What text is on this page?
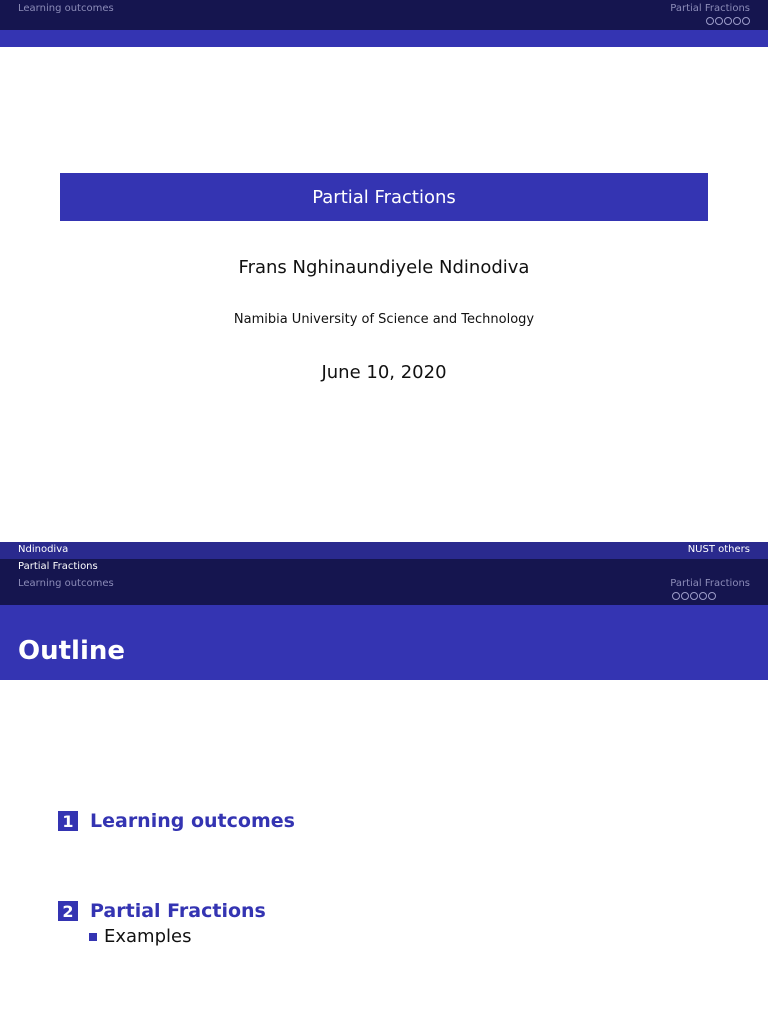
Learning outcomes	Partial Fractions
Partial Fractions
Frans Nghinaundiyele Ndinodiva
Namibia University of Science and Technology
June 10, 2020
Ndinodiva	NUST others
Partial Fractions
Learning outcomes	Partial Fractions
Outline
1 Learning outcomes
2 Partial Fractions
Examples
